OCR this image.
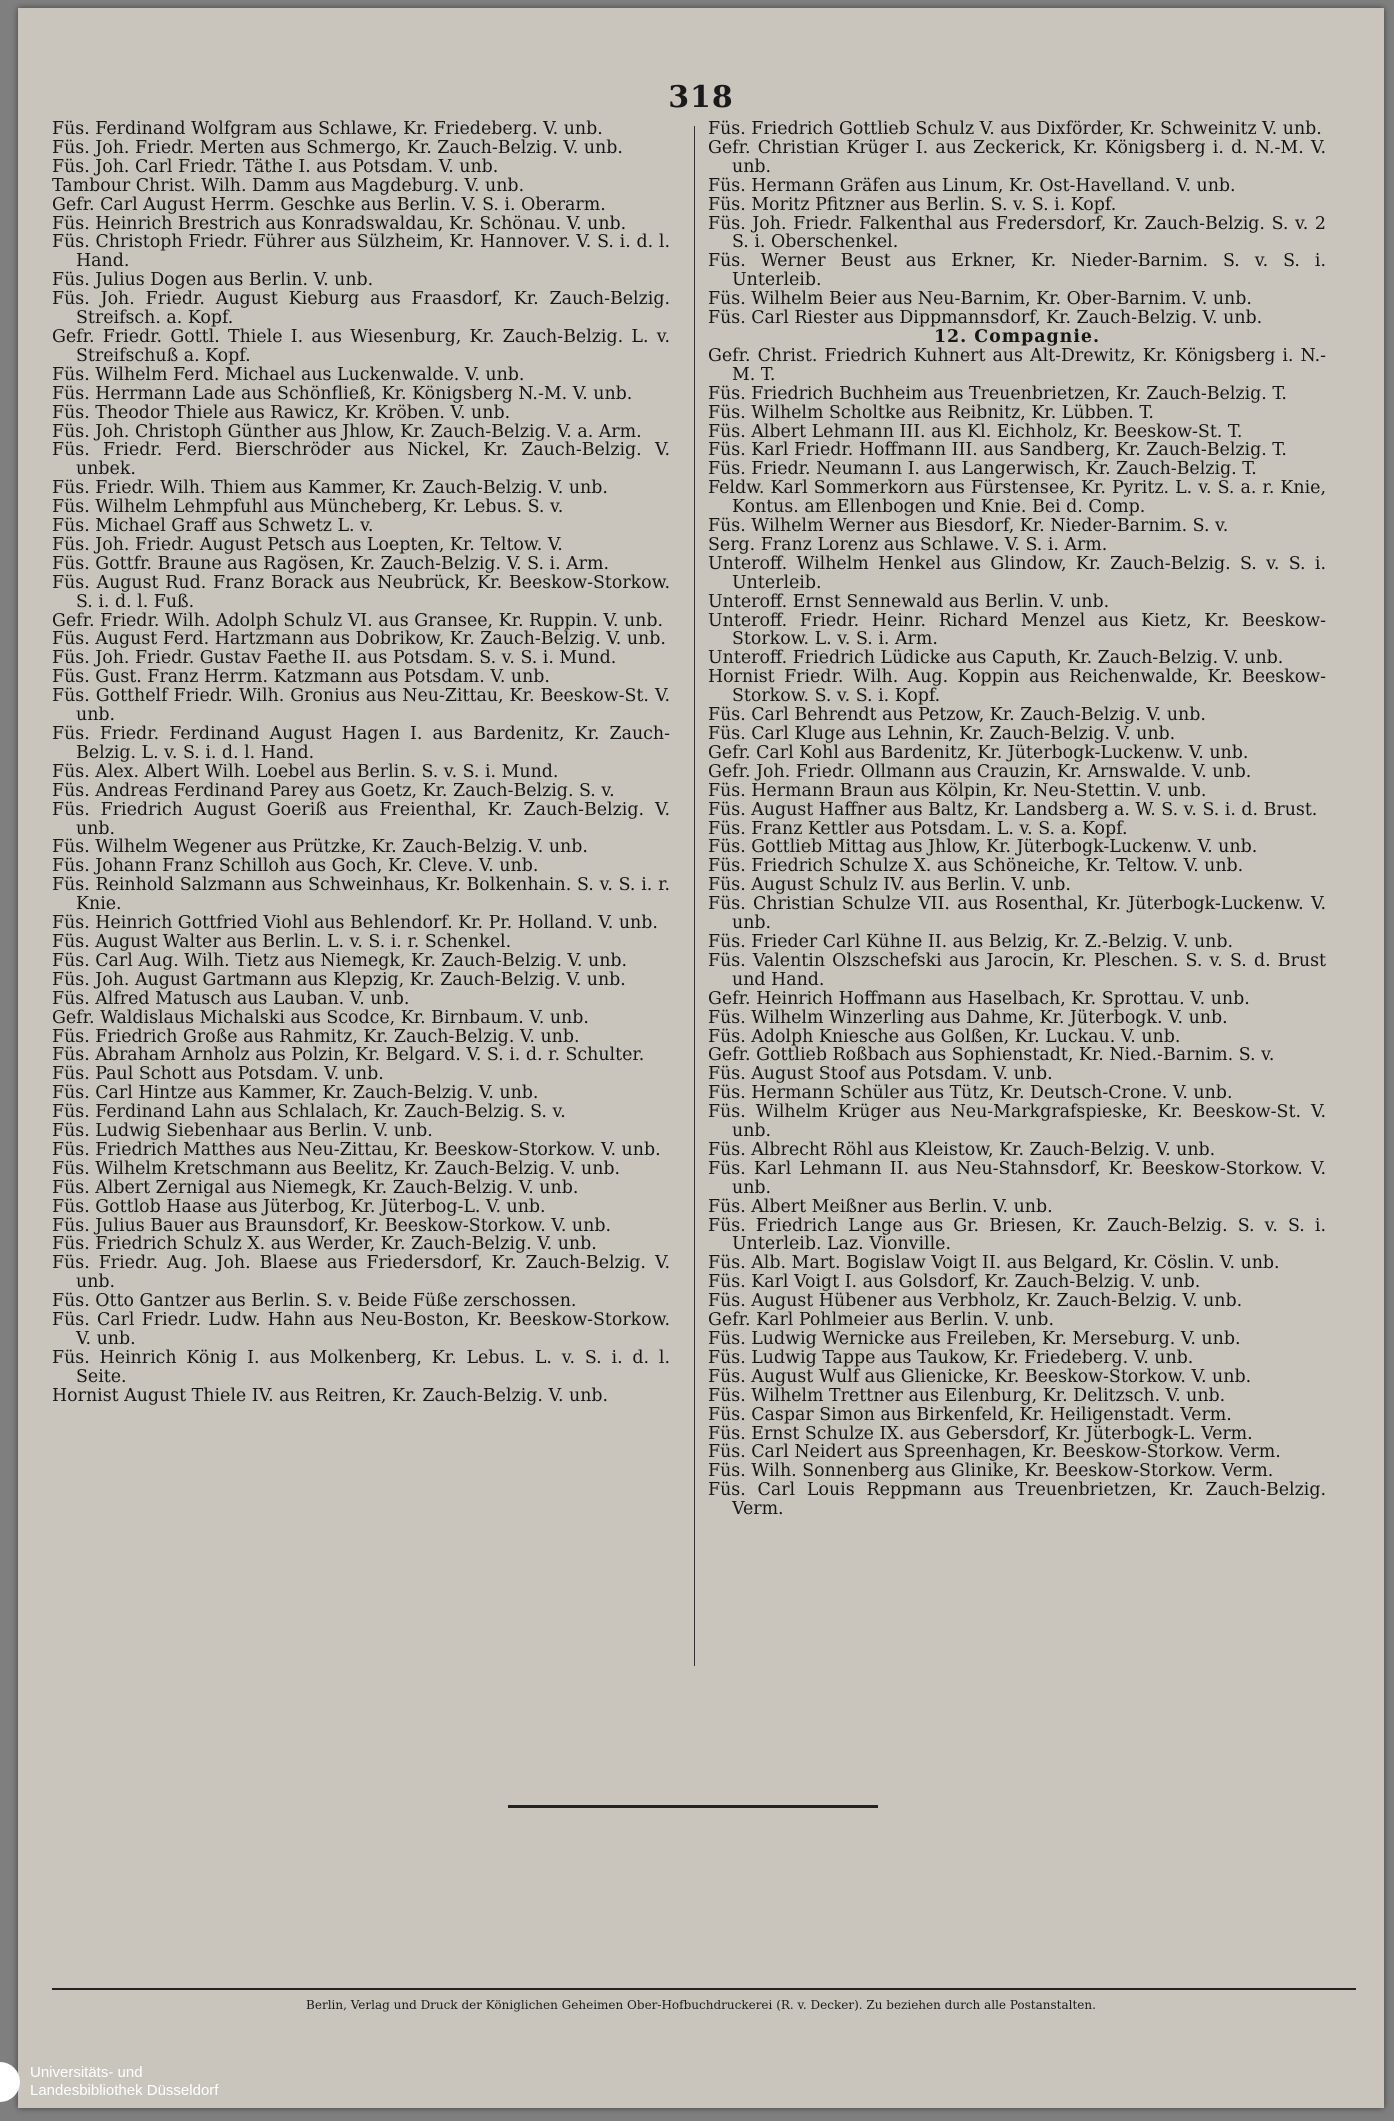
318

Füs. Ferdinand Wolfgram aus Schlawe, Kr. Friedeberg. V. unb.

Füs. Joh. Friedr. Merten aus Schmergo, Kr. Zauch-Belzig. V. unb.

Füs. Joh. Carl Friedr. Täthe I. aus Potsdam. V. unb.

Tambour Christ. Wilh. Damm aus Magdeburg. V. unb.

Gefr. Carl August Herrm. Geschke aus Berlin. V. S. i. Oberarm.

Füs. Heinrich Brestrich aus Konradswaldau, Kr. Schönau. V. unb.

Füs. Christoph Friedr. Führer aus Sülzheim, Kr. Hannover. V. S. i. d. l. Hand.

Füs. Julius Dogen aus Berlin. V. unb.

Füs. Joh. Friedr. August Kieburg aus Fraasdorf, Kr. Zauch-Belzig. Streifsch. a. Kopf.

Gefr. Friedr. Gottl. Thiele I. aus Wiesenburg, Kr. Zauch-Belzig. L. v. Streifschuß a. Kopf.

Füs. Wilhelm Ferd. Michael aus Luckenwalde. V. unb.

Füs. Herrmann Lade aus Schönfließ, Kr. Königsberg N.-M. V. unb.

Füs. Theodor Thiele aus Rawicz, Kr. Kröben. V. unb.

Füs. Joh. Christoph Günther aus Jhlow, Kr. Zauch-Belzig. V. a. Arm.

Füs. Friedr. Ferd. Bierschröder aus Nickel, Kr. Zauch-Belzig. V. unbek.

Füs. Friedr. Wilh. Thiem aus Kammer, Kr. Zauch-Belzig. V. unb.

Füs. Wilhelm Lehmpfuhl aus Müncheberg, Kr. Lebus. S. v.

Füs. Michael Graff aus Schwetz L. v.

Füs. Joh. Friedr. August Petsch aus Loepten, Kr. Teltow. V.

Füs. Gottfr. Braune aus Ragösen, Kr. Zauch-Belzig. V. S. i. Arm.

Füs. August Rud. Franz Borack aus Neubrück, Kr. Beeskow-Storkow. S. i. d. l. Fuß.

Gefr. Friedr. Wilh. Adolph Schulz VI. aus Gransee, Kr. Ruppin. V. unb.

Füs. August Ferd. Hartzmann aus Dobrikow, Kr. Zauch-Belzig. V. unb.

Füs. Joh. Friedr. Gustav Faethe II. aus Potsdam. S. v. S. i. Mund.

Füs. Gust. Franz Herrm. Katzmann aus Potsdam. V. unb.

Füs. Gotthelf Friedr. Wilh. Gronius aus Neu-Zittau, Kr. Beeskow-St. V. unb.

Füs. Friedr. Ferdinand August Hagen I. aus Bardenitz, Kr. Zauch-Belzig. L. v. S. i. d. l. Hand.

Füs. Alex. Albert Wilh. Loebel aus Berlin. S. v. S. i. Mund.

Füs. Andreas Ferdinand Parey aus Goetz, Kr. Zauch-Belzig. S. v.

Füs. Friedrich August Goeriß aus Freienthal, Kr. Zauch-Belzig. V. unb.

Füs. Wilhelm Wegener aus Prützke, Kr. Zauch-Belzig. V. unb.

Füs. Johann Franz Schilloh aus Goch, Kr. Cleve. V. unb.

Füs. Reinhold Salzmann aus Schweinhaus, Kr. Bolkenhain. S. v. S. i. r. Knie.

Füs. Heinrich Gottfried Viohl aus Behlendorf. Kr. Pr. Holland. V. unb.

Füs. August Walter aus Berlin. L. v. S. i. r. Schenkel.

Füs. Carl Aug. Wilh. Tietz aus Niemegk, Kr. Zauch-Belzig. V. unb.

Füs. Joh. August Gartmann aus Klepzig, Kr. Zauch-Belzig. V. unb.

Füs. Alfred Matusch aus Lauban. V. unb.

Gefr. Waldislaus Michalski aus Scodce, Kr. Birnbaum. V. unb.

Füs. Friedrich Große aus Rahmitz, Kr. Zauch-Belzig. V. unb.

Füs. Abraham Arnholz aus Polzin, Kr. Belgard. V. S. i. d. r. Schulter.

Füs. Paul Schott aus Potsdam. V. unb.

Füs. Carl Hintze aus Kammer, Kr. Zauch-Belzig. V. unb.

Füs. Ferdinand Lahn aus Schlalach, Kr. Zauch-Belzig. S. v.

Füs. Ludwig Siebenhaar aus Berlin. V. unb.

Füs. Friedrich Matthes aus Neu-Zittau, Kr. Beeskow-Storkow. V. unb.

Füs. Wilhelm Kretschmann aus Beelitz, Kr. Zauch-Belzig. V. unb.

Füs. Albert Zernigal aus Niemegk, Kr. Zauch-Belzig. V. unb.

Füs. Gottlob Haase aus Jüterbog, Kr. Jüterbog-L. V. unb.

Füs. Julius Bauer aus Braunsdorf, Kr. Beeskow-Storkow. V. unb.

Füs. Friedrich Schulz X. aus Werder, Kr. Zauch-Belzig. V. unb.

Füs. Friedr. Aug. Joh. Blaese aus Friedersdorf, Kr. Zauch-Belzig. V. unb.

Füs. Otto Gantzer aus Berlin. S. v. Beide Füße zerschossen.

Füs. Carl Friedr. Ludw. Hahn aus Neu-Boston, Kr. Beeskow-Storkow. V. unb.

Füs. Heinrich König I. aus Molkenberg, Kr. Lebus. L. v. S. i. d. l. Seite.

Hornist August Thiele IV. aus Reitren, Kr. Zauch-Belzig. V. unb.

Füs. Friedrich Gottlieb Schulz V. aus Dixförder, Kr. Schweinitz V. unb.

Gefr. Christian Krüger I. aus Zeckerick, Kr. Königsberg i. d. N.-M. V. unb.

Füs. Hermann Gräfen aus Linum, Kr. Ost-Havelland. V. unb.

Füs. Moritz Pfitzner aus Berlin. S. v. S. i. Kopf.

Füs. Joh. Friedr. Falkenthal aus Fredersdorf, Kr. Zauch-Belzig. S. v. 2 S. i. Oberschenkel.

Füs. Werner Beust aus Erkner, Kr. Nieder-Barnim. S. v. S. i. Unterleib.

Füs. Wilhelm Beier aus Neu-Barnim, Kr. Ober-Barnim. V. unb.

Füs. Carl Riester aus Dippmannsdorf, Kr. Zauch-Belzig. V. unb.

12. Compagnie.

Gefr. Christ. Friedrich Kuhnert aus Alt-Drewitz, Kr. Königsberg i. N.-M. T.

Füs. Friedrich Buchheim aus Treuenbrietzen, Kr. Zauch-Belzig. T.

Füs. Wilhelm Scholtke aus Reibnitz, Kr. Lübben. T.

Füs. Albert Lehmann III. aus Kl. Eichholz, Kr. Beeskow-St. T.

Füs. Karl Friedr. Hoffmann III. aus Sandberg, Kr. Zauch-Belzig. T.

Füs. Friedr. Neumann I. aus Langerwisch, Kr. Zauch-Belzig. T.

Feldw. Karl Sommerkorn aus Fürstensee, Kr. Pyritz. L. v. S. a. r. Knie, Kontus. am Ellenbogen und Knie. Bei d. Comp.

Füs. Wilhelm Werner aus Biesdorf, Kr. Nieder-Barnim. S. v.

Serg. Franz Lorenz aus Schlawe. V. S. i. Arm.

Unteroff. Wilhelm Henkel aus Glindow, Kr. Zauch-Belzig. S. v. S. i. Unterleib.

Unteroff. Ernst Sennewald aus Berlin. V. unb.

Unteroff. Friedr. Heinr. Richard Menzel aus Kietz, Kr. Beeskow-Storkow. L. v. S. i. Arm.

Unteroff. Friedrich Lüdicke aus Caputh, Kr. Zauch-Belzig. V. unb.

Hornist Friedr. Wilh. Aug. Koppin aus Reichenwalde, Kr. Beeskow-Storkow. S. v. S. i. Kopf.

Füs. Carl Behrendt aus Petzow, Kr. Zauch-Belzig. V. unb.

Füs. Carl Kluge aus Lehnin, Kr. Zauch-Belzig. V. unb.

Gefr. Carl Kohl aus Bardenitz, Kr. Jüterbogk-Luckenw. V. unb.

Gefr. Joh. Friedr. Ollmann aus Crauzin, Kr. Arnswalde. V. unb.

Füs. Hermann Braun aus Kölpin, Kr. Neu-Stettin. V. unb.

Füs. August Haffner aus Baltz, Kr. Landsberg a. W. S. v. S. i. d. Brust.

Füs. Franz Kettler aus Potsdam. L. v. S. a. Kopf.

Füs. Gottlieb Mittag aus Jhlow, Kr. Jüterbogk-Luckenw. V. unb.

Füs. Friedrich Schulze X. aus Schöneiche, Kr. Teltow. V. unb.

Füs. August Schulz IV. aus Berlin. V. unb.

Füs. Christian Schulze VII. aus Rosenthal, Kr. Jüterbogk-Luckenw. V. unb.

Füs. Frieder Carl Kühne II. aus Belzig, Kr. Z.-Belzig. V. unb.

Füs. Valentin Olszschefski aus Jarocin, Kr. Pleschen. S. v. S. d. Brust und Hand.

Gefr. Heinrich Hoffmann aus Haselbach, Kr. Sprottau. V. unb.

Füs. Wilhelm Winzerling aus Dahme, Kr. Jüterbogk. V. unb.

Füs. Adolph Kniesche aus Golßen, Kr. Luckau. V. unb.

Gefr. Gottlieb Roßbach aus Sophienstadt, Kr. Nied.-Barnim. S. v.

Füs. August Stoof aus Potsdam. V. unb.

Füs. Hermann Schüler aus Tütz, Kr. Deutsch-Crone. V. unb.

Füs. Wilhelm Krüger aus Neu-Markgrafspieske, Kr. Beeskow-St. V. unb.

Füs. Albrecht Röhl aus Kleistow, Kr. Zauch-Belzig. V. unb.

Füs. Karl Lehmann II. aus Neu-Stahnsdorf, Kr. Beeskow-Storkow. V. unb.

Füs. Albert Meißner aus Berlin. V. unb.

Füs. Friedrich Lange aus Gr. Briesen, Kr. Zauch-Belzig. S. v. S. i. Unterleib. Laz. Vionville.

Füs. Alb. Mart. Bogislaw Voigt II. aus Belgard, Kr. Cöslin. V. unb.

Füs. Karl Voigt I. aus Golsdorf, Kr. Zauch-Belzig. V. unb.

Füs. August Hübener aus Verbholz, Kr. Zauch-Belzig. V. unb.

Gefr. Karl Pohlmeier aus Berlin. V. unb.

Füs. Ludwig Wernicke aus Freileben, Kr. Merseburg. V. unb.

Füs. Ludwig Tappe aus Taukow, Kr. Friedeberg. V. unb.

Füs. August Wulf aus Glienicke, Kr. Beeskow-Storkow. V. unb.

Füs. Wilhelm Trettner aus Eilenburg, Kr. Delitzsch. V. unb.

Füs. Caspar Simon aus Birkenfeld, Kr. Heiligenstadt. Verm.

Füs. Ernst Schulze IX. aus Gebersdorf, Kr. Jüterbogk-L. Verm.

Füs. Carl Neidert aus Spreenhagen, Kr. Beeskow-Storkow. Verm.

Füs. Wilh. Sonnenberg aus Glinike, Kr. Beeskow-Storkow. Verm.

Füs. Carl Louis Reppmann aus Treuenbrietzen, Kr. Zauch-Belzig. Verm.

Berlin, Verlag und Druck der Königlichen Geheimen Ober-Hofbuchdruckerei (R. v. Decker). Zu beziehen durch alle Postanstalten.
Universitäts- und
Landesbibliothek Düsseldorf
